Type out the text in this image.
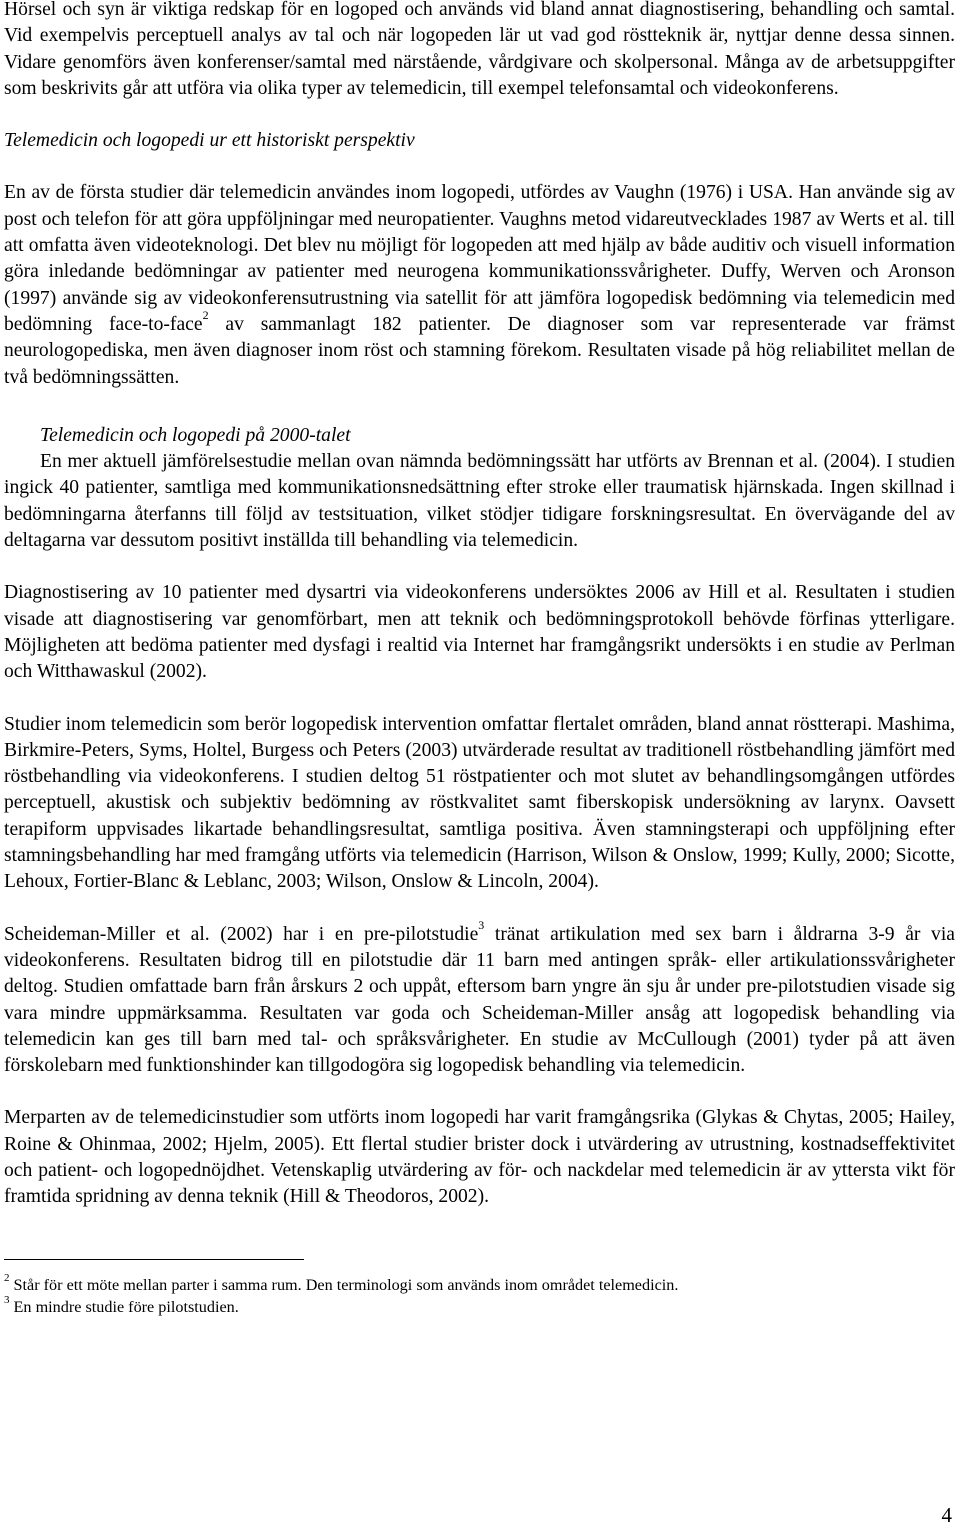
Hörsel och syn är viktiga redskap för en logoped och används vid bland annat diagnostisering, behandling och samtal. Vid exempelvis perceptuell analys av tal och när logopeden lär ut vad god röstteknik är, nyttjar denne dessa sinnen. Vidare genomförs även konferenser/samtal med närstående, vårdgivare och skolpersonal. Många av de arbetsuppgifter som beskrivits går att utföra via olika typer av telemedicin, till exempel telefonsamtal och videokonferens.

Telemedicin och logopedi ur ett historiskt perspektiv

En av de första studier där telemedicin användes inom logopedi, utfördes av Vaughn (1976) i USA. Han använde sig av post och telefon för att göra uppföljningar med neuropatienter. Vaughns metod vidareutvecklades 1987 av Werts et al. till att omfatta även videoteknologi. Det blev nu möjligt för logopeden att med hjälp av både auditiv och visuell information göra inledande bedömningar av patienter med neurogena kommunikationssvårigheter. Duffy, Werven och Aronson (1997) använde sig av videokonferensutrustning via satellit för att jämföra logopedisk bedömning via telemedicin med bedömning face-to-face$^2$ av sammanlagt 182 patienter. De diagnoser som var representerade var främst neurologopediska, men även diagnoser inom röst och stamning förekom. Resultaten visade på hög reliabilitet mellan de två bedömningssätten.

Telemedicin och logopedi på 2000-talet

En mer aktuell jämförelsestudie mellan ovan nämnda bedömningssätt har utförts av Brennan et al. (2004). I studien ingick 40 patienter, samtliga med kommunikationsnedsättning efter stroke eller traumatisk hjärnskada. Ingen skillnad i bedömningarna återfanns till följd av testsituation, vilket stödjer tidigare forskningsresultat. En övervägande del av deltagarna var dessutom positivt inställda till behandling via telemedicin.

Diagnostisering av 10 patienter med dysartri via videokonferens undersöktes 2006 av Hill et al. Resultaten i studien visade att diagnostisering var genomförbart, men att teknik och bedömningsprotokoll behövde förfinas ytterligare. Möjligheten att bedöma patienter med dysfagi i realtid via Internet har framgångsrikt undersökts i en studie av Perlman och Witthawaskul (2002).

Studier inom telemedicin som berör logopedisk intervention omfattar flertalet områden, bland annat röstterapi. Mashima, Birkmire-Peters, Syms, Holtel, Burgess och Peters (2003) utvärderade resultat av traditionell röstbehandling jämfört med röstbehandling via videokonferens. I studien deltog 51 röstpatienter och mot slutet av behandlingsomgången utfördes perceptuell, akustisk och subjektiv bedömning av röstkvalitet samt fiberskopisk undersökning av larynx. Oavsett terapiform uppvisades likartade behandlingsresultat, samtliga positiva. Även stamningsterapi och uppföljning efter stamningsbehandling har med framgång utförts via telemedicin (Harrison, Wilson & Onslow, 1999; Kully, 2000; Sicotte, Lehoux, Fortier-Blanc & Leblanc, 2003; Wilson, Onslow & Lincoln, 2004).

Scheideman-Miller et al. (2002) har i en pre-pilotstudie$^3$ tränat artikulation med sex barn i åldrarna 3-9 år via videokonferens. Resultaten bidrog till en pilotstudie där 11 barn med antingen språk- eller artikulationssvårigheter deltog. Studien omfattade barn från årskurs 2 och uppåt, eftersom barn yngre än sju år under pre-pilotstudien visade sig vara mindre uppmärksamma. Resultaten var goda och Scheideman-Miller ansåg att logopedisk behandling via telemedicin kan ges till barn med tal- och språksvårigheter. En studie av McCullough (2001) tyder på att även förskolebarn med funktionshinder kan tillgodogöra sig logopedisk behandling via telemedicin.

Merparten av de telemedicinstudier som utförts inom logopedi har varit framgångsrika (Glykas & Chytas, 2005; Hailey, Roine & Ohinmaa, 2002; Hjelm, 2005). Ett flertal studier brister dock i utvärdering av utrustning, kostnadseffektivitet och patient- och logopednöjdhet. Vetenskaplig utvärdering av för- och nackdelar med telemedicin är av yttersta vikt för framtida spridning av denna teknik (Hill & Theodoros, 2002).

$^2$ Står för ett möte mellan parter i samma rum. Den terminologi som används inom området telemedicin.

$^3$ En mindre studie före pilotstudien.

4
